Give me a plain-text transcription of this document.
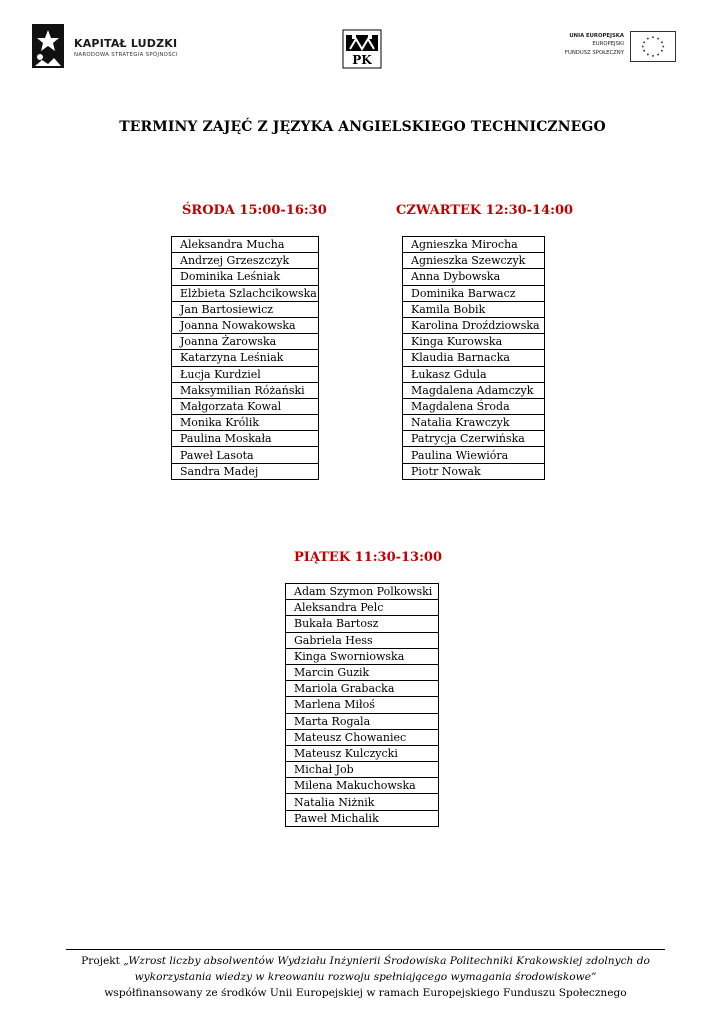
KAPITAŁ LUDZKI
NARODOWA STRATEGIA SPÓJNOŚCI	PK
UNIA EUROPEJSKA
EUROPEJSKI
FUNDUSZ SPOŁECZNY
TERMINY ZAJĘĆ Z JĘZYKA ANGIELSKIEGO TECHNICZNEGO
ŚRODA 15:00-16:30	CZWARTEK 12:30-14:00
PIĄTEK 11:30-13:00
Aleksandra Mucha
Andrzej Grzeszczyk
Dominika Leśniak
Elżbieta Szlachcikowska
Jan Bartosiewicz
Joanna Nowakowska
Joanna Żarowska
Katarzyna Leśniak
Łucja Kurdziel
Maksymilian Różański
Małgorzata Kowal
Monika Królik
Paulina Moskała
Paweł Lasota
Sandra Madej
Agnieszka Mirocha
Agnieszka Szewczyk
Anna Dybowska
Dominika Barwacz
Kamila Bobik
Karolina Droździowska
Kinga Kurowska
Klaudia Barnacka
Łukasz Gdula
Magdalena Adamczyk
Magdalena Środa
Natalia Krawczyk
Patrycja Czerwińska
Paulina Wiewióra
Piotr Nowak
Adam Szymon Polkowski
Aleksandra Pelc
Bukała Bartosz
Gabriela Hess
Kinga Sworniowska
Marcin Guzik
Mariola Grabacka
Marlena Miłoś
Marta Rogala
Mateusz Chowaniec
Mateusz Kulczycki
Michał Job
Milena Makuchowska
Natalia Niżnik
Paweł Michalik
Projekt „Wzrost liczby absolwentów Wydziału Inżynierii Środowiska Politechniki Krakowskiej zdolnych do
wykorzystania wiedzy w kreowaniu rozwoju spełniającego wymagania środowiskowe”
współfinansowany ze środków Unii Europejskiej w ramach Europejskiego Funduszu Społecznego
